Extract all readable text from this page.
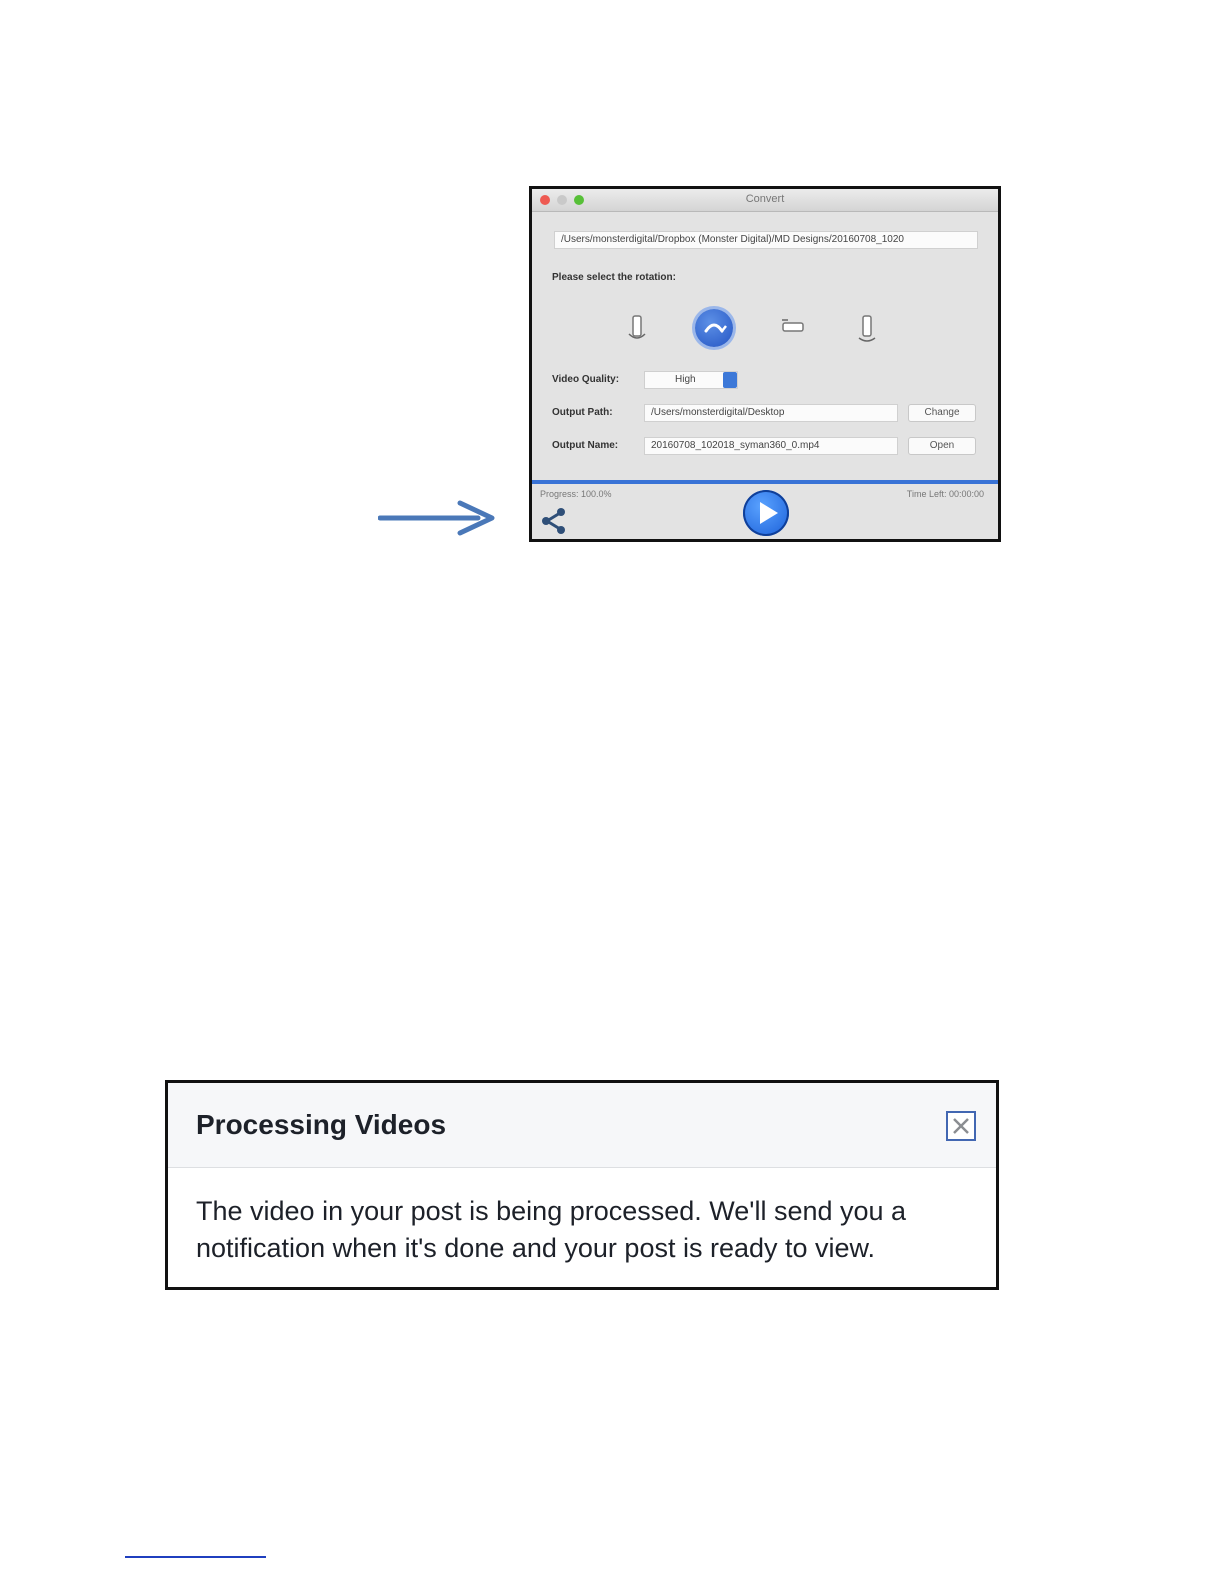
Convert
/Users/monsterdigital/Dropbox (Monster Digital)/MD Designs/20160708_1020
Please select the rotation:
Video Quality:	High
Output Path:	/Users/monsterdigital/Desktop	Change
Output Name:	20160708_102018_syman360_0.mp4	Open
Progress: 100.0%	Time Left: 00:00:00
Processing Videos
The video in your post is being processed. We'll send you a notification when it's done and your post is ready to view.
